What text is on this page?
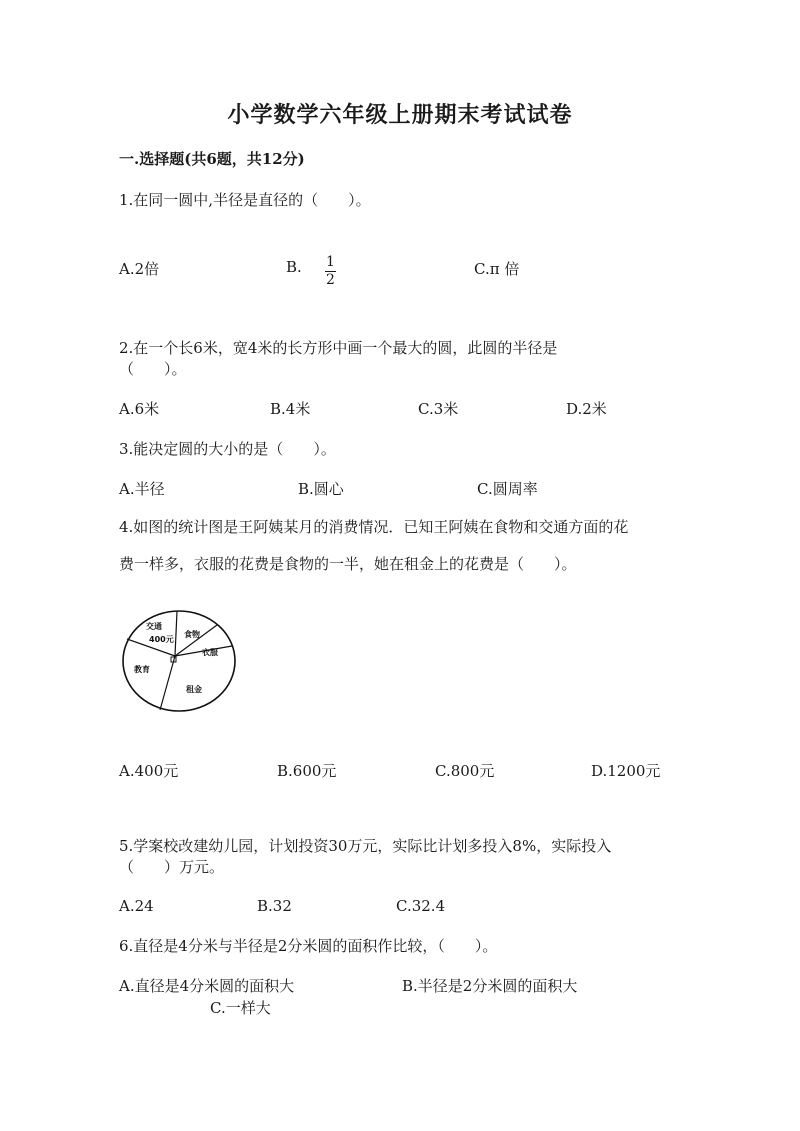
小学数学六年级上册期末考试试卷
一.选择题(共6题，共12分)
1.在同一圆中,半径是直径的（　　）。
A.2倍	B. $\frac{1}{2}$	C.π 倍
2.在一个长6米，宽4米的长方形中画一个最大的圆，此圆的半径是
（　　）。
A.6米	B.4米	C.3米	D.2米
3.能决定圆的大小的是（　　）。
A.半径	B.圆心	C.圆周率
4.如图的统计图是王阿姨某月的消费情况．已知王阿姨在食物和交通方面的花
费一样多，衣服的花费是食物的一半，她在租金上的花费是（　　）。
交通
400元
食物
衣服
教育
租金
A.400元	B.600元	C.800元	D.1200元
5.学案校改建幼儿园，计划投资30万元，实际比计划多投入8%，实际投入
（　　）万元。
A.24	B.32	C.32.4
6.直径是4分米与半径是2分米圆的面积作比较，（　　）。
A.直径是4分米圆的面积大	B.半径是2分米圆的面积大
C.一样大
